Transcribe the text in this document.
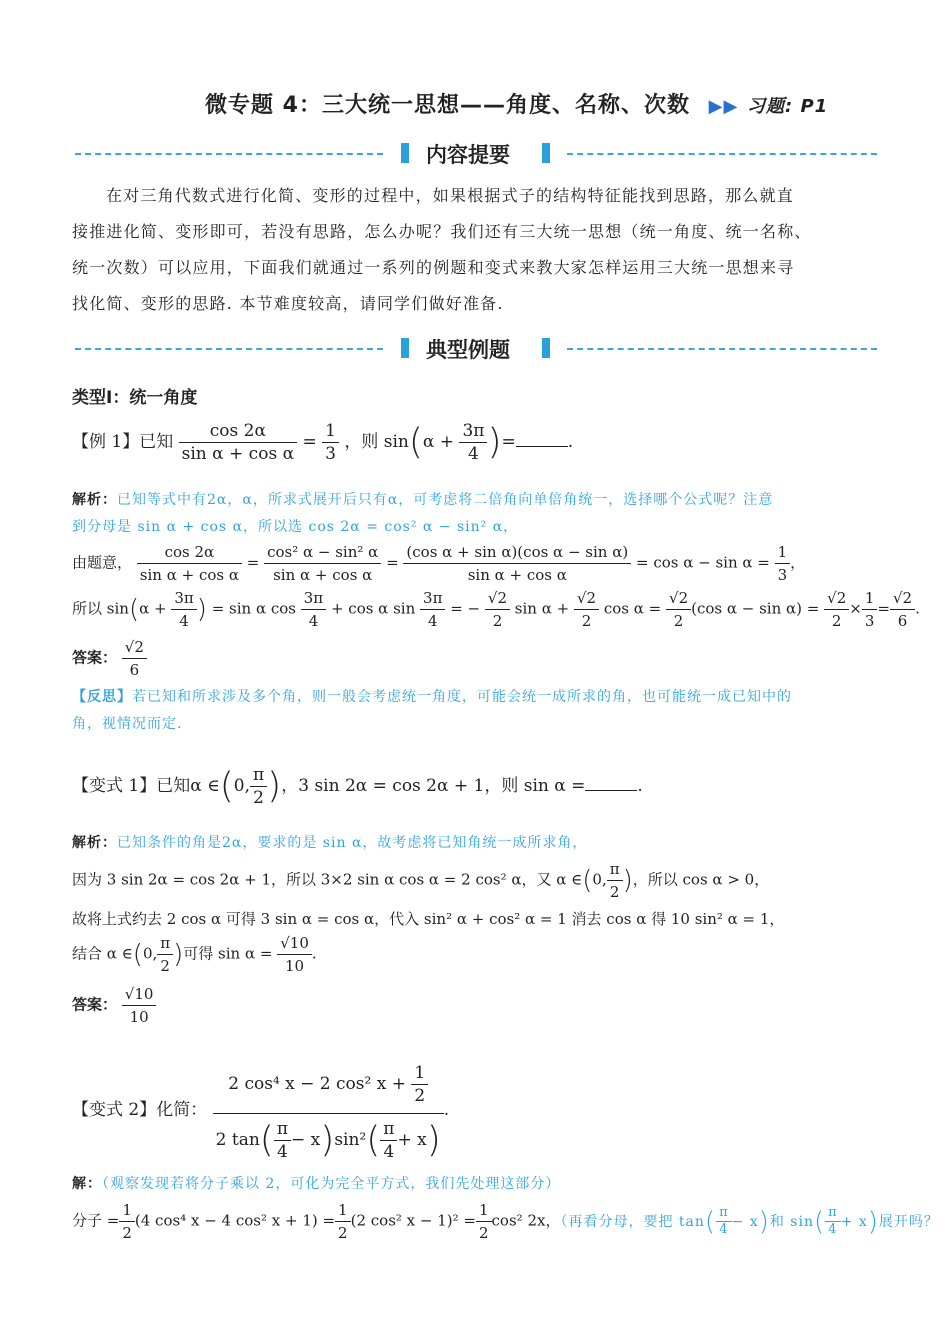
微专题 4：三大统一思想——角度、名称、次数 ▶▶ 习题: P1
内容提要
在对三角代数式进行化简、变形的过程中，如果根据式子的结构特征能找到思路，那么就直
接推进化简、变形即可，若没有思路，怎么办呢？我们还有三大统一思想（统一角度、统一名称、
统一次数）可以应用，下面我们就通过一系列的例题和变式来教大家怎样运用三大统一思想来寻
找化简、变形的思路. 本节难度较高，请同学们做好准备.
典型例题
类型Ⅰ：统一角度
【例 1】已知 $\frac{\cos 2\alpha}{\text{sin α + cos α}} = \frac{1}{3}$ ，则 $\sin(\alpha + \frac{3\pi}{4}$ )=	.
解析：已知等式中有2α，α，所求式展开后只有α，可考虑将二倍角向单倍角统一，选择哪个公式呢？注意
到分母是 sin α + cos α，所以选 cos 2α = cos² α − sin² α，
由题意， $\frac{\cos 2\alpha}{\text{sin α + cos α}} = \frac{\text{cos² α − sin² α}}{\text{sin α + cos α}} = \frac{\text{(cos α + sin α)(cos α − sin α)}}{\text{sin α + cos α}} = \cos \alpha - \sin \alpha = \frac{1}{3}$ ，
所以 $\sin(\alpha + \frac{3\pi}{4}$ ) = sin α $\cos \frac{3\pi}{4} + \cos \alpha$ $\sin \frac{3\pi}{4}$ = − $\frac{√2}{2}$ $\sin \alpha + \frac{√2}{2}$ $\cos \alpha = \frac{√2}{2} (\cos$ $\alpha - \sin \alpha) = \frac{√2}{2} \times \frac{1}{3} = \frac{√2}{6}$ .
答案： $\frac{√2}{6}$
【反思】若已知和所求涉及多个角，则一般会考虑统一角度，可能会统一成所求的角，也可能统一成已知中的
角，视情况而定.
【变式 1】已知α ∈(0, $\frac{\pi}{2}$ )，3 sin 2α = cos 2α + 1，则 sin α =	.
解析：已知条件的角是2α，要求的是 sin α，故考虑将已知角统一成所求角，
因为 3 sin 2α = cos 2α + 1，所以 3×2 sin α cos α = 2 cos² α，又 α ∈(0, $\frac{\pi}{2}$ )，所以 cos α > 0，
故将上式约去 2 cos α 可得 3 sin α = cos α，代入 sin² α + cos² α = 1 消去 cos α 得 10 sin² α = 1，
结合 α ∈(0, $\frac{\pi}{2}$ )可得 $\sin \alpha = \frac{√10}{10}$ .
答案： $\frac{√10}{10}$
【变式 2】化简： $\frac{2 \cos^4 x - 2 \cos^2 x + \frac{1}{2}}{2 \tan( \frac{\pi}{4} - x)\sin^2( \frac{\pi}{4} + x)}$ .
解：（观察发现若将分子乘以 2，可化为完全平方式，我们先处理这部分）
分子 = $\frac{1}{2} (4$ cos⁴ x − 4 cos² $x + 1) = \frac{1}{2} (2$ cos² $x - 1)^2 = \frac{1}{2} \cos^2$ 2x，（再看分母，要把 $\tan( \frac{\pi}{4} - x)$和 $\sin( \frac{\pi}{4} + x)$展开吗？
